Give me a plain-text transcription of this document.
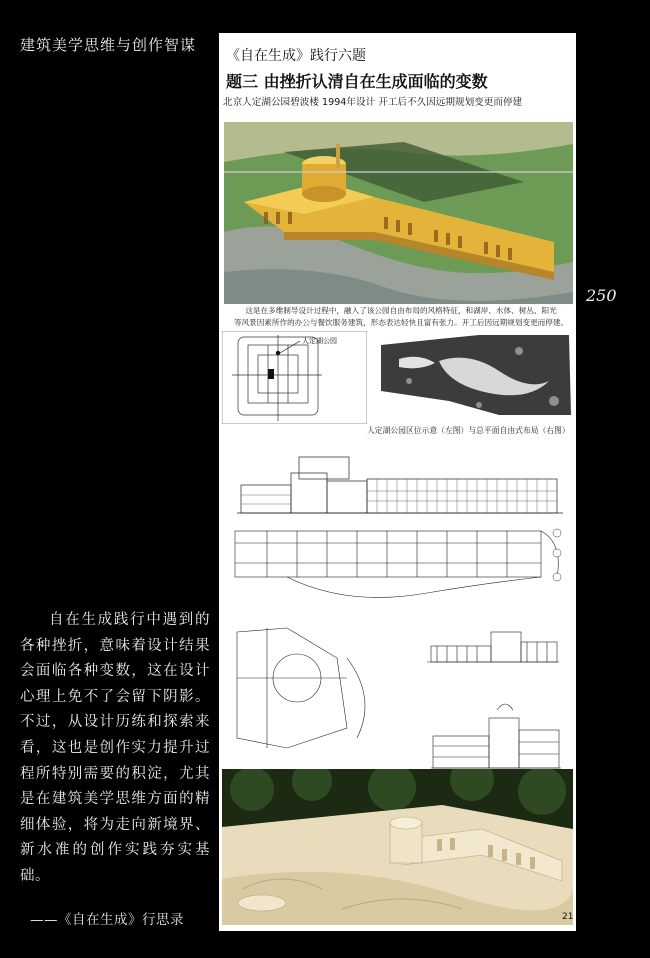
建筑美学思维与创作智谋
250
自在生成践行中遇到的各种挫折，意味着设计结果会面临各种变数，这在设计心理上免不了会留下阴影。不过，从设计历练和探索来看，这也是创作实力提升过程所特别需要的积淀，尤其是在建筑美学思维方面的精细体验，将为走向新境界、新水准的创作实践夯实基础。
——《自在生成》行思录
《自在生成》践行六题
题三 由挫折认清自在生成面临的变数
北京人定湖公园碧波楼 1994年设计 开工后不久因远期规划变更而停建
这是在多维制导设计过程中，融入了该公园自由布局的风格特征，和湖岸、水体、树丛、阳光
等风景因素所作的办公与餐饮服务建筑，形态表达轻快且富有张力。开工后因远期规划变更而停建。
人定湖公园
人定湖公园区位示意（左图）与总平面自由式布局（右图）
21
